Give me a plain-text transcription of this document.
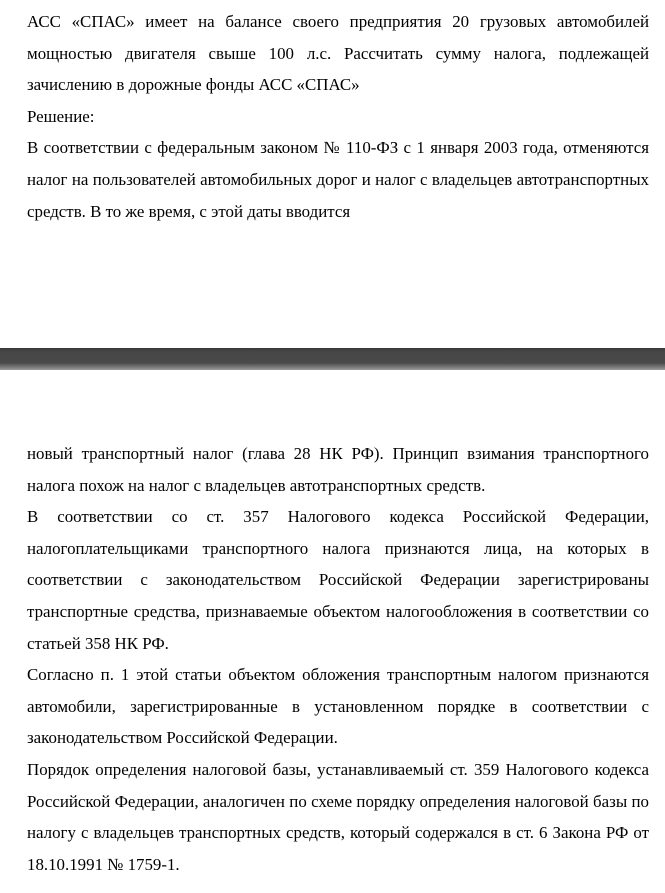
АСС «СПАС» имеет на балансе своего предприятия 20 грузовых автомобилей мощностью двигателя свыше 100 л.с. Рассчитать сумму налога, подлежащей зачислению в дорожные фонды АСС «СПАС»

Решение:

В соответствии с федеральным законом № 110-ФЗ с 1 января 2003 года, отменяются налог на пользователей автомобильных дорог и налог с владельцев автотранспортных средств. В то же время, с этой даты вводится

новый транспортный налог (глава 28 НК РФ). Принцип взимания транспортного налога похож на налог с владельцев автотранспортных средств.

В соответствии со ст. 357 Налогового кодекса Российской Федерации, налогоплательщиками транспортного налога признаются лица, на которых в соответствии с законодательством Российской Федерации зарегистрированы транспортные средства, признаваемые объектом налогообложения в соответствии со статьей 358 НК РФ.

Согласно п. 1 этой статьи объектом обложения транспортным налогом признаются автомобили, зарегистрированные в установленном порядке в соответствии с законодательством Российской Федерации.

Порядок определения налоговой базы, устанавливаемый ст. 359 Налогового кодекса Российской Федерации, аналогичен по схеме порядку определения налоговой базы по налогу с владельцев транспортных средств, который содержался в ст. 6 Закона РФ от 18.10.1991 № 1759-1.
